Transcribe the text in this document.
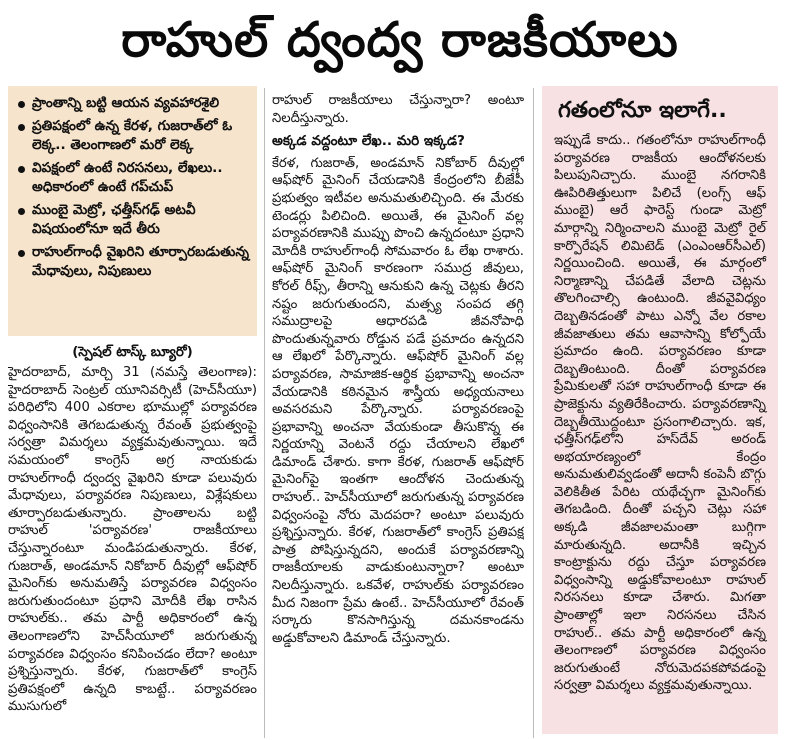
రాహుల్ ద్వంద్వ రాజకీయాలు
ప్రాంతాన్ని బట్టి ఆయన వ్యవహారశైలి
ప్రతిపక్షంలో ఉన్న కేరళ, గుజరాత్‌లో ఓ లెక్క.. తెలంగాణలో మరో లెక్క
విపక్షంలో ఉంటే నిరసనలు, లేఖలు.. అధికారంలో ఉంటే గప్‌చుప్
ముంబై మెట్రో, ఛత్తీస్‌గఢ్ అటవీ విషయంలోనూ ఇదే తీరు
రాహుల్‌గాంధీ వైఖరిని తూర్పారబడుతున్న మేధావులు, నిపుణులు
(స్పెషల్ టాస్క్ బ్యూరో)

హైదరాబాద్, మార్చి 31 (నమస్తే తెలంగాణ): హైదరాబాద్ సెంట్రల్ యూనివర్సిటీ (హెచ్‌సీయూ) పరిధిలోని 400 ఎకరాల భూముల్లో పర్యావరణ విధ్వంసానికి తెగబడుతున్న రేవంత్ ప్రభుత్వంపై సర్వత్రా విమర్శలు వ్యక్తమవుతున్నాయి. ఇదే సమయంలో కాంగ్రెస్ అగ్ర నాయకుడు రాహుల్‌గాంధీ ద్వంద్వ వైఖరిని కూడా పలువురు మేధావులు, పర్యావరణ నిపుణులు, విశ్లేషకులు తూర్పారబడుతున్నారు. ప్రాంతాలను బట్టి రాహుల్ 'పర్యావరణ' రాజకీయాలు చేస్తున్నారంటూ మండిపడుతున్నారు. కేరళ, గుజరాత్, అండమాన్ నికోబార్ దీవుల్లో ఆఫ్‌షోర్ మైనింగ్‌కు అనుమతిస్తే పర్యావరణ విధ్వంసం జరుగుతుందంటూ ప్రధాని మోదీకి లేఖ రాసిన రాహుల్‌కు.. తమ పార్టీ అధికారంలో ఉన్న తెలంగాణలోని హెచ్‌సీయూలో జరుగుతున్న పర్యావరణ విధ్వంసం కనిపించడం లేదా? అంటూ ప్రశ్నిస్తున్నారు. కేరళ, గుజరాత్‌లో కాంగ్రెస్ ప్రతిపక్షంలో ఉన్నది కాబట్టే.. పర్యావరణం ముసుగులో

రాహుల్ రాజకీయాలు చేస్తున్నారా? అంటూ నిలదీస్తున్నారు.

అక్కడ వద్దంటూ లేఖ.. మరి ఇక్కడ?

కేరళ, గుజరాత్, అండమాన్ నికోబార్ దీవుల్లో ఆఫ్‌షోర్ మైనింగ్ చేయడానికి కేంద్రంలోని బీజేపీ ప్రభుత్వం ఇటీవల అనుమతులిచ్చింది. ఈ మేరకు టెండర్లు పిలిచింది. అయితే, ఈ మైనింగ్ వల్ల పర్యావరణానికి ముప్పు పొంచి ఉన్నదంటూ ప్రధాని మోదీకి రాహుల్‌గాంధీ సోమవారం ఓ లేఖ రాశారు. ఆఫ్‌షోర్ మైనింగ్ కారణంగా సముద్ర జీవులు, కోరల్ రీఫ్స్, తీరాన్ని ఆనుకుని ఉన్న చెట్లకు తీరని నష్టం జరుగుతుందని, మత్స్య సంపద తగ్గి సముద్రాలపై ఆధారపడి జీవనోపాధి పొందుతున్నవారు రోడ్డున పడే ప్రమాదం ఉన్నదని ఆ లేఖలో పేర్కొన్నారు. ఆఫ్‌షోర్ మైనింగ్ వల్ల పర్యావరణ, సామాజిక-ఆర్థిక ప్రభావాన్ని అంచనా వేయడానికి కఠినమైన శాస్త్రీయ అధ్యయనాలు అవసరమని పేర్కొన్నారు. పర్యావరణంపై ప్రభావాన్ని అంచనా వేయకుండా తీసుకొన్న ఈ నిర్ణయాన్ని వెంటనే రద్దు చేయాలని లేఖలో డిమాండ్ చేశారు. కాగా కేరళ, గుజరాత్ ఆఫ్‌షోర్ మైనింగ్‌పై ఇంతగా ఆందోళన చెందుతున్న రాహుల్.. హెచ్‌సీయూలో జరుగుతున్న పర్యావరణ విధ్వంసంపై నోరు మెదపరా? అంటూ పలువురు ప్రశ్నిస్తున్నారు. కేరళ, గుజరాత్‌లో కాంగ్రెస్ ప్రతిపక్ష పాత్ర పోషిస్తున్నదని, అందుకే పర్యావరణాన్ని రాజకీయాలకు వాడుకుంటున్నారా? అంటూ నిలదీస్తున్నారు. ఒకవేళ, రాహుల్‌కు పర్యావరణం మీద నిజంగా ప్రేమ ఉంటే.. హెచ్‌సీయూలో రేవంత్ సర్కారు కొనసాగిస్తున్న దమనకాండను అడ్డుకోవాలని డిమాండ్ చేస్తున్నారు.

గతంలోనూ ఇలాగే..

ఇప్పుడే కాదు.. గతంలోనూ రాహుల్‌గాంధీ పర్యావరణ రాజకీయ ఆందోళనలకు పిలుపునిచ్చారు. ముంబై నగరానికి ఊపిరితిత్తులుగా పిలిచే (లంగ్స్ ఆఫ్ ముంబై) ఆరే ఫారెస్ట్ గుండా మెట్రో మార్గాన్ని నిర్మించాలని ముంబై మెట్రో రైల్ కార్పొరేషన్ లిమిటెడ్ (ఎంఎంఆర్‌సీఎల్) నిర్ణయించింది. అయితే, ఈ మార్గంలో నిర్మాణాన్ని చేపడితే వేలాది చెట్లను తొలగించాల్సి ఉంటుంది. జీవవైవిధ్యం దెబ్బతినడంతో పాటు ఎన్నో వేల రకాల జీవజాతులు తమ ఆవాసాన్ని కోల్పోయే ప్రమాదం ఉంది. పర్యావరణం కూడా దెబ్బతింటుంది. దీంతో పర్యావరణ ప్రేమికులతో సహా రాహుల్‌గాంధీ కూడా ఈ ప్రాజెక్టును వ్యతిరేకించారు. పర్యావరణాన్ని దెబ్బతీయొద్దంటూ ప్రసంగాలిచ్చారు. ఇక, ఛత్తీస్‌గఢ్‌లోని హస్‌దేవ్ అరండ్ అభయారణ్యంలో కేంద్రం అనుమతులివ్వడంతో అదానీ కంపెనీ బొగ్గు వెలికితీత పేరిట యథేచ్ఛగా మైనింగ్‌కు తెగబడింది. దీంతో పచ్చని చెట్లు సహా అక్కడి జీవజాలమంతా బుగ్గిగా మారుతున్నది. అదానీకి ఇచ్చిన కాంట్రాక్టును రద్దు చేస్తూ పర్యావరణ విధ్వంసాన్ని అడ్డుకోవాలంటూ రాహుల్ నిరసనలు కూడా చేశారు. మిగతా ప్రాంతాల్లో ఇలా నిరసనలు చేసిన రాహుల్.. తమ పార్టీ అధికారంలో ఉన్న తెలంగాణలో పర్యావరణ విధ్వంసం జరుగుతుంటే నోరుమెదపకపోవడంపై సర్వత్రా విమర్శలు వ్యక్తమవుతున్నాయి.
